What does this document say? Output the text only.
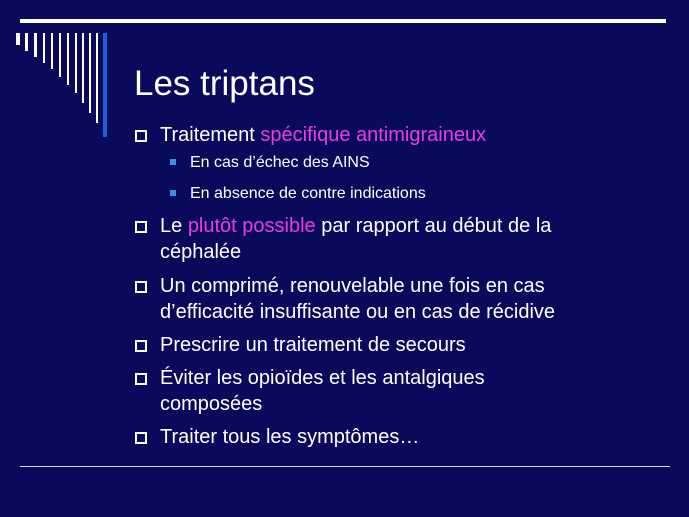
Les triptans

Traitement spécifique antimigraineux

En cas d’échec des AINS

En absence de contre indications

Le plutôt possible par rapport au début de la
céphalée

Un comprimé, renouvelable une fois en cas
d’efficacité insuffisante ou en cas de récidive

Prescrire un traitement de secours

Éviter les opioïdes et les antalgiques
composées

Traiter tous les symptômes…
